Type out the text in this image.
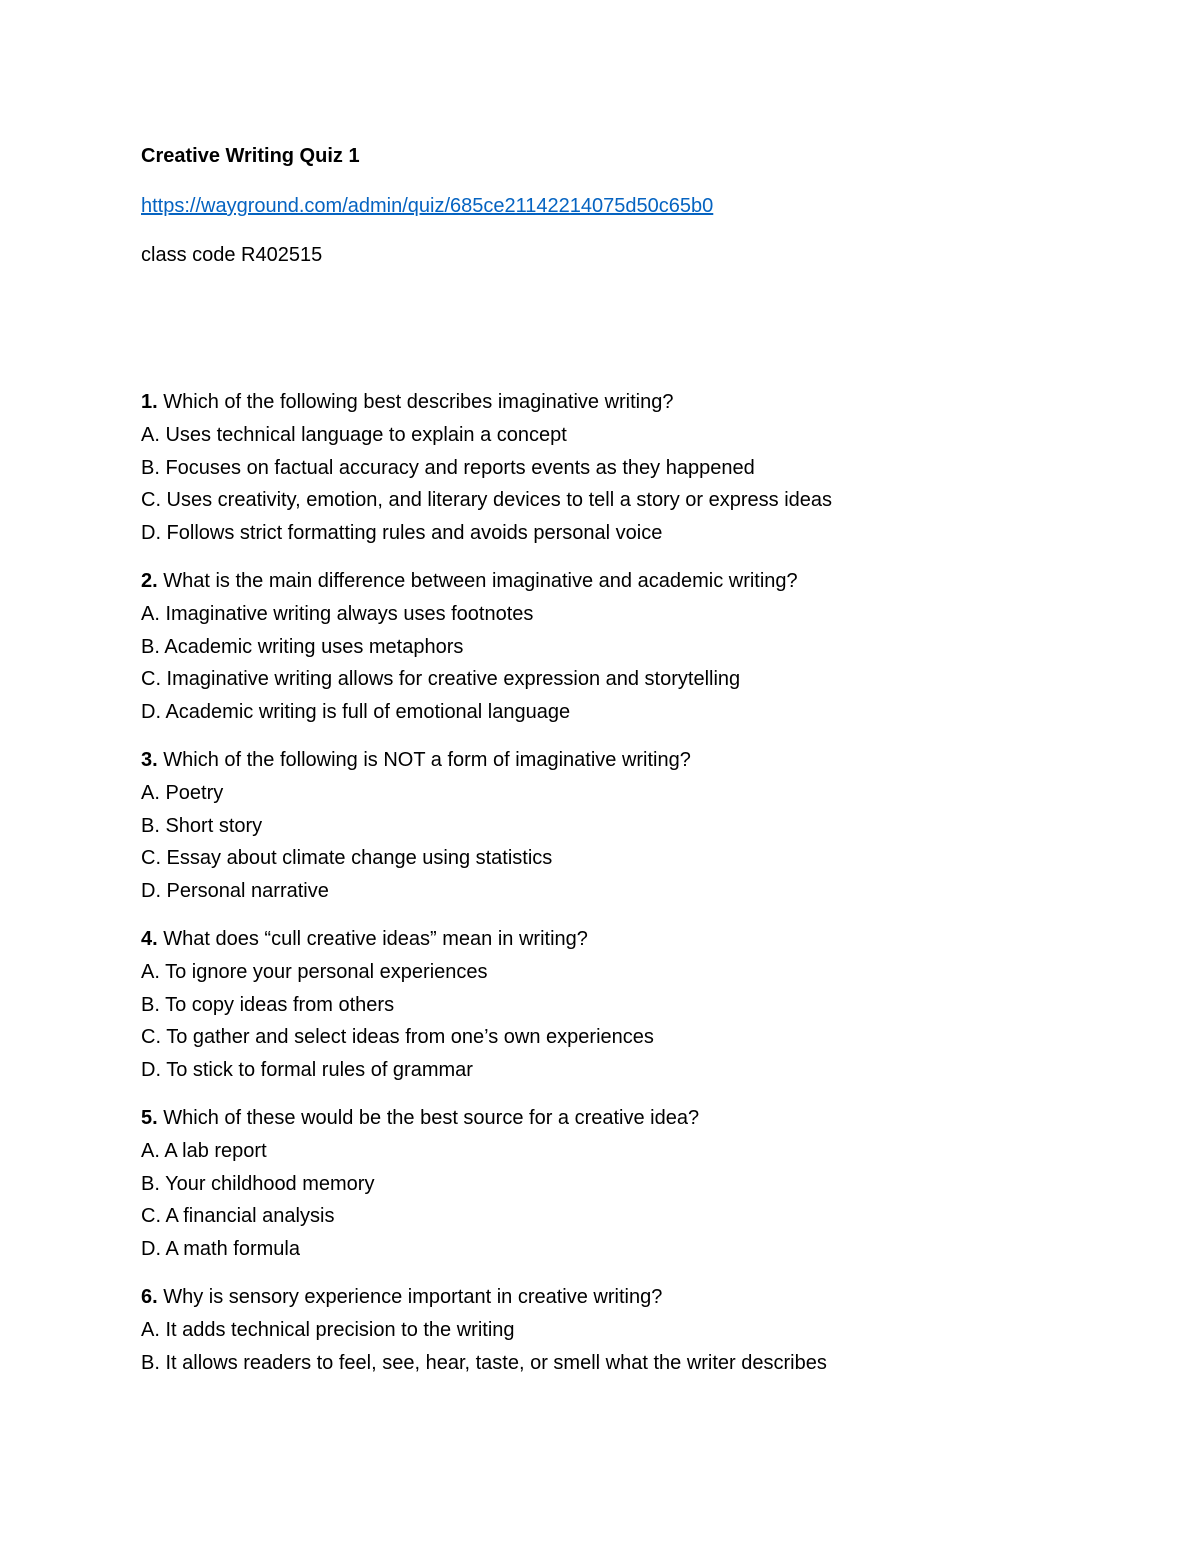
Creative Writing Quiz 1
https://wayground.com/admin/quiz/685ce21142214075d50c65b0
class code R402515
1. Which of the following best describes imaginative writing?
A. Uses technical language to explain a concept
B. Focuses on factual accuracy and reports events as they happened
C. Uses creativity, emotion, and literary devices to tell a story or express ideas
D. Follows strict formatting rules and avoids personal voice
2. What is the main difference between imaginative and academic writing?
A. Imaginative writing always uses footnotes
B. Academic writing uses metaphors
C. Imaginative writing allows for creative expression and storytelling
D. Academic writing is full of emotional language
3. Which of the following is NOT a form of imaginative writing?
A. Poetry
B. Short story
C. Essay about climate change using statistics
D. Personal narrative
4. What does “cull creative ideas” mean in writing?
A. To ignore your personal experiences
B. To copy ideas from others
C. To gather and select ideas from one’s own experiences
D. To stick to formal rules of grammar
5. Which of these would be the best source for a creative idea?
A. A lab report
B. Your childhood memory
C. A financial analysis
D. A math formula
6. Why is sensory experience important in creative writing?
A. It adds technical precision to the writing
B. It allows readers to feel, see, hear, taste, or smell what the writer describes
